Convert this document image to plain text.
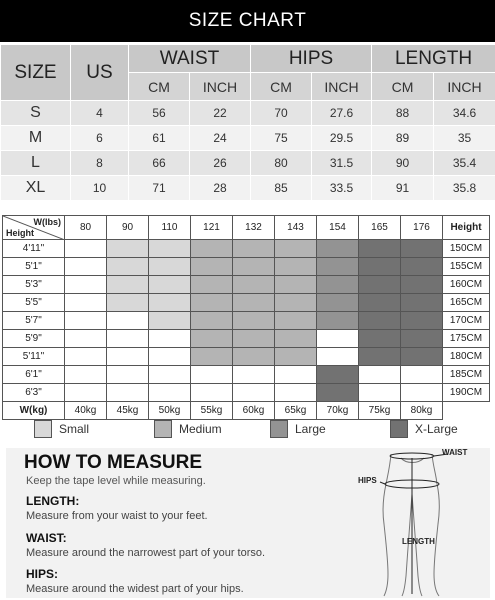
SIZE CHART
SIZE	US	WAIST		HIPS		LENGTH	
		CM	INCH	CM	INCH	CM	INCH
S	4	56	22	70	27.6	88	34.6
M	6	61	24	75	29.5	89	35
L	8	66	26	80	31.5	90	35.4
XL	10	71	28	85	33.5	91	35.8
W(lbs)
Height	80	90	110	121	132	143	154	165	176	Height
4'11"										150CM
5'1"										155CM
5'3"										160CM
5'5"										165CM
5'7"										170CM
5'9"										175CM
5'11"										180CM
6'1"										185CM
6'3"										190CM
W(kg)	40kg	45kg	50kg	55kg	60kg	65kg	70kg	75kg	80kg	
Small	Medium	Large	X-Large
HOW TO MEASURE
Keep the tape level while measuring.
LENGTH:
Measure from your waist to your feet.
WAIST:
Measure around the narrowest part of your torso.
HIPS:
Measure around the widest part of your hips.
WAIST
HIPS
LENGTH
